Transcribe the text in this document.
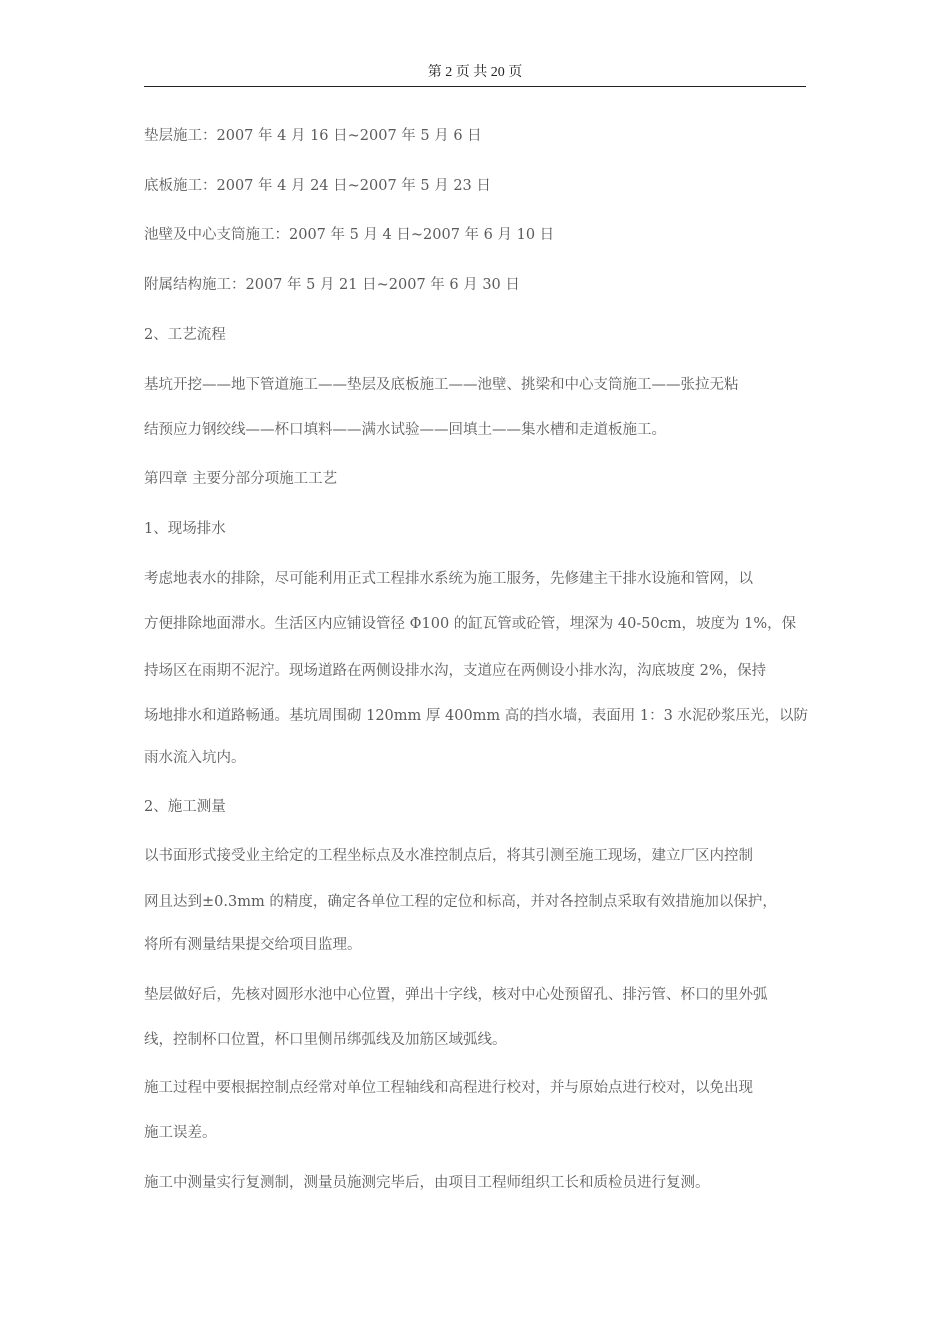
第 2 页 共 20 页

垫层施工：2007 年 4 月 16 日~2007 年 5 月 6 日

底板施工：2007 年 4 月 24 日~2007 年 5 月 23 日

池壁及中心支筒施工：2007 年 5 月 4 日~2007 年 6 月 10 日

附属结构施工：2007 年 5 月 21 日~2007 年 6 月 30 日

2、工艺流程

基坑开挖——地下管道施工——垫层及底板施工——池壁、挑梁和中心支筒施工——张拉无粘

结预应力钢绞线——杯口填料——满水试验——回填土——集水槽和走道板施工。

第四章 主要分部分项施工工艺

1、现场排水

考虑地表水的排除，尽可能利用正式工程排水系统为施工服务，先修建主干排水设施和管网，以

方便排除地面滞水。生活区内应铺设管径 Φ100 的缸瓦管或砼管，埋深为 40-50cm，坡度为 1%，保

持场区在雨期不泥泞。现场道路在两侧设排水沟，支道应在两侧设小排水沟，沟底坡度 2%，保持

场地排水和道路畅通。基坑周围砌 120mm 厚 400mm 高的挡水墙，表面用 1：3 水泥砂浆压光，以防

雨水流入坑内。

2、施工测量

以书面形式接受业主给定的工程坐标点及水准控制点后，将其引测至施工现场，建立厂区内控制

网且达到±0.3mm 的精度，确定各单位工程的定位和标高，并对各控制点采取有效措施加以保护，

将所有测量结果提交给项目监理。

垫层做好后，先核对圆形水池中心位置，弹出十字线，核对中心处预留孔、排污管、杯口的里外弧

线，控制杯口位置，杯口里侧吊绑弧线及加筋区域弧线。

施工过程中要根据控制点经常对单位工程轴线和高程进行校对，并与原始点进行校对，以免出现

施工误差。

施工中测量实行复测制，测量员施测完毕后，由项目工程师组织工长和质检员进行复测。
